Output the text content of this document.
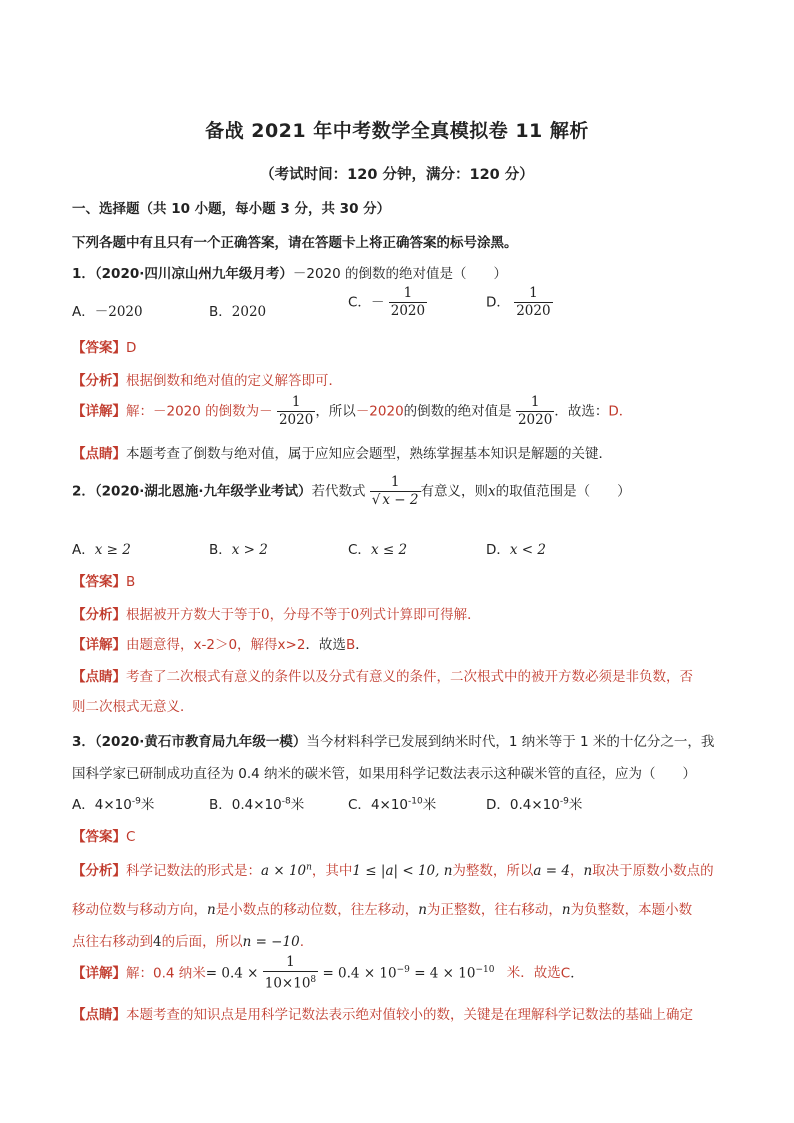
备战 2021 年中考数学全真模拟卷 11 解析
（考试时间：120 分钟，满分：120 分）
一、选择题（共 10 小题，每小题 3 分，共 30 分）
下列各题中有且只有一个正确答案，请在答题卡上将正确答案的标号涂黑。
1．（2020·四川凉山州九年级月考）－2020 的倒数的绝对值是（　　）
A．－2020	B．2020
C．－ $\frac{1}{2020}$	D． $\frac{1}{2020}$
【答案】D
【分析】根据倒数和绝对值的定义解答即可．
【详解】解：－2020 的倒数为－ $\frac{1}{2020}$ ，所以－2020的倒数的绝对值是 $\frac{1}{2020}$ ．故选：D．
【点睛】本题考查了倒数与绝对值，属于应知应会题型，熟练掌握基本知识是解题的关键．
2．（2020·湖北恩施·九年级学业考试）若代数式 $\frac{1}{√ x - 2}$ 有意义，则x的取值范围是（　　）
A．x ≥ 2	B．x > 2	C．x ≤ 2	D．x < 2
【答案】B
【分析】根据被开方数大于等于0，分母不等于0列式计算即可得解．
【详解】由题意得，x-2＞0，解得x>2．故选B．
【点睛】考查了二次根式有意义的条件以及分式有意义的条件，二次根式中的被开方数必须是非负数，否
则二次根式无意义．
3．（2020·黄石市教育局九年级一模）当今材料科学已发展到纳米时代，1 纳米等于 1 米的十亿分之一，我
国科学家已研制成功直径为 0.4 纳米的碳米管，如果用科学记数法表示这种碳米管的直径，应为（　　）
A．$4\times 10^{-9}$米	B．$0.4\times 10^{-8}$米	C．$4\times 10^{-10}$米	D．$0.4\times 10^{-9}$米
【答案】C
【分析】科学记数法的形式是：$a \times 10^n$，其中1 ≤ |a| < 10, n为整数，所以a = 4，n取决于原数小数点的
移动位数与移动方向，n是小数点的移动位数，往左移动，n为正整数，往右移动，n为负整数，本题小数
点往右移动到4的后面，所以n = −10.
【详解】解：0.4 纳米= $0.4 \times \frac{1}{10\times 10^8} = 0.4 \times 10^{-9} = 4 \times 10^{-10}$ 米．故选C．
【点睛】本题考查的知识点是用科学记数法表示绝对值较小的数，关键是在理解科学记数法的基础上确定
